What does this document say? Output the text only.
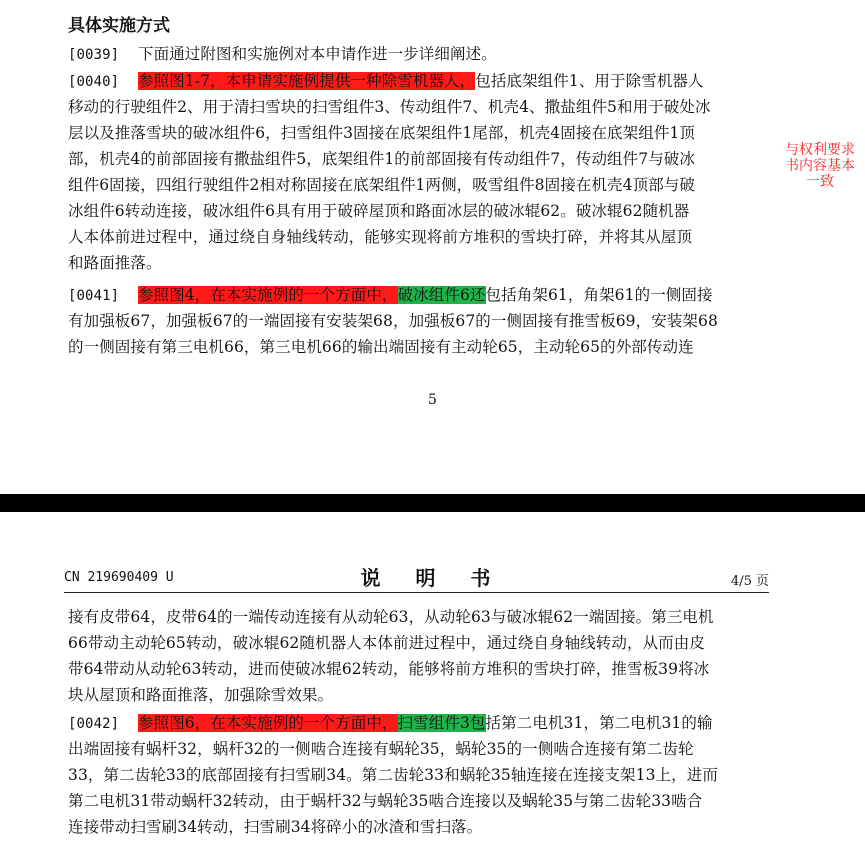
具体实施方式
[0039] 下面通过附图和实施例对本申请作进一步详细阐述。
[0040] 参照图1-7，本申请实施例提供一种除雪机器人，包括底架组件1、用于除雪机器人
移动的行驶组件2、用于清扫雪块的扫雪组件3、传动组件7、机壳4、撒盐组件5和用于破处冰
层以及推落雪块的破冰组件6，扫雪组件3固接在底架组件1尾部，机壳4固接在底架组件1顶
部，机壳4的前部固接有撒盐组件5，底架组件1的前部固接有传动组件7，传动组件7与破冰
组件6固接，四组行驶组件2相对称固接在底架组件1两侧，吸雪组件8固接在机壳4顶部与破
冰组件6转动连接，破冰组件6具有用于破碎屋顶和路面冰层的破冰辊62。破冰辊62随机器
人本体前进过程中，通过绕自身轴线转动，能够实现将前方堆积的雪块打碎，并将其从屋顶
和路面推落。
[0041] 参照图4，在本实施例的一个方面中，破冰组件6还包括角架61，角架61的一侧固接
有加强板67，加强板67的一端固接有安装架68，加强板67的一侧固接有推雪板69，安装架68
的一侧固接有第三电机66，第三电机66的输出端固接有主动轮65，主动轮65的外部传动连
5
与权利要求书内容基本一致
CN 219690409 U	说 明 书	4/5 页
接有皮带64，皮带64的一端传动连接有从动轮63，从动轮63与破冰辊62一端固接。第三电机
66带动主动轮65转动，破冰辊62随机器人本体前进过程中，通过绕自身轴线转动，从而由皮
带64带动从动轮63转动，进而使破冰辊62转动，能够将前方堆积的雪块打碎，推雪板39将冰
块从屋顶和路面推落，加强除雪效果。
[0042] 参照图6，在本实施例的一个方面中，扫雪组件3包括第二电机31，第二电机31的输
出端固接有蜗杆32，蜗杆32的一侧啮合连接有蜗轮35，蜗轮35的一侧啮合连接有第二齿轮
33，第二齿轮33的底部固接有扫雪刷34。第二齿轮33和蜗轮35轴连接在连接支架13上，进而
第二电机31带动蜗杆32转动，由于蜗杆32与蜗轮35啮合连接以及蜗轮35与第二齿轮33啮合
连接带动扫雪刷34转动，扫雪刷34将碎小的冰渣和雪扫落。
